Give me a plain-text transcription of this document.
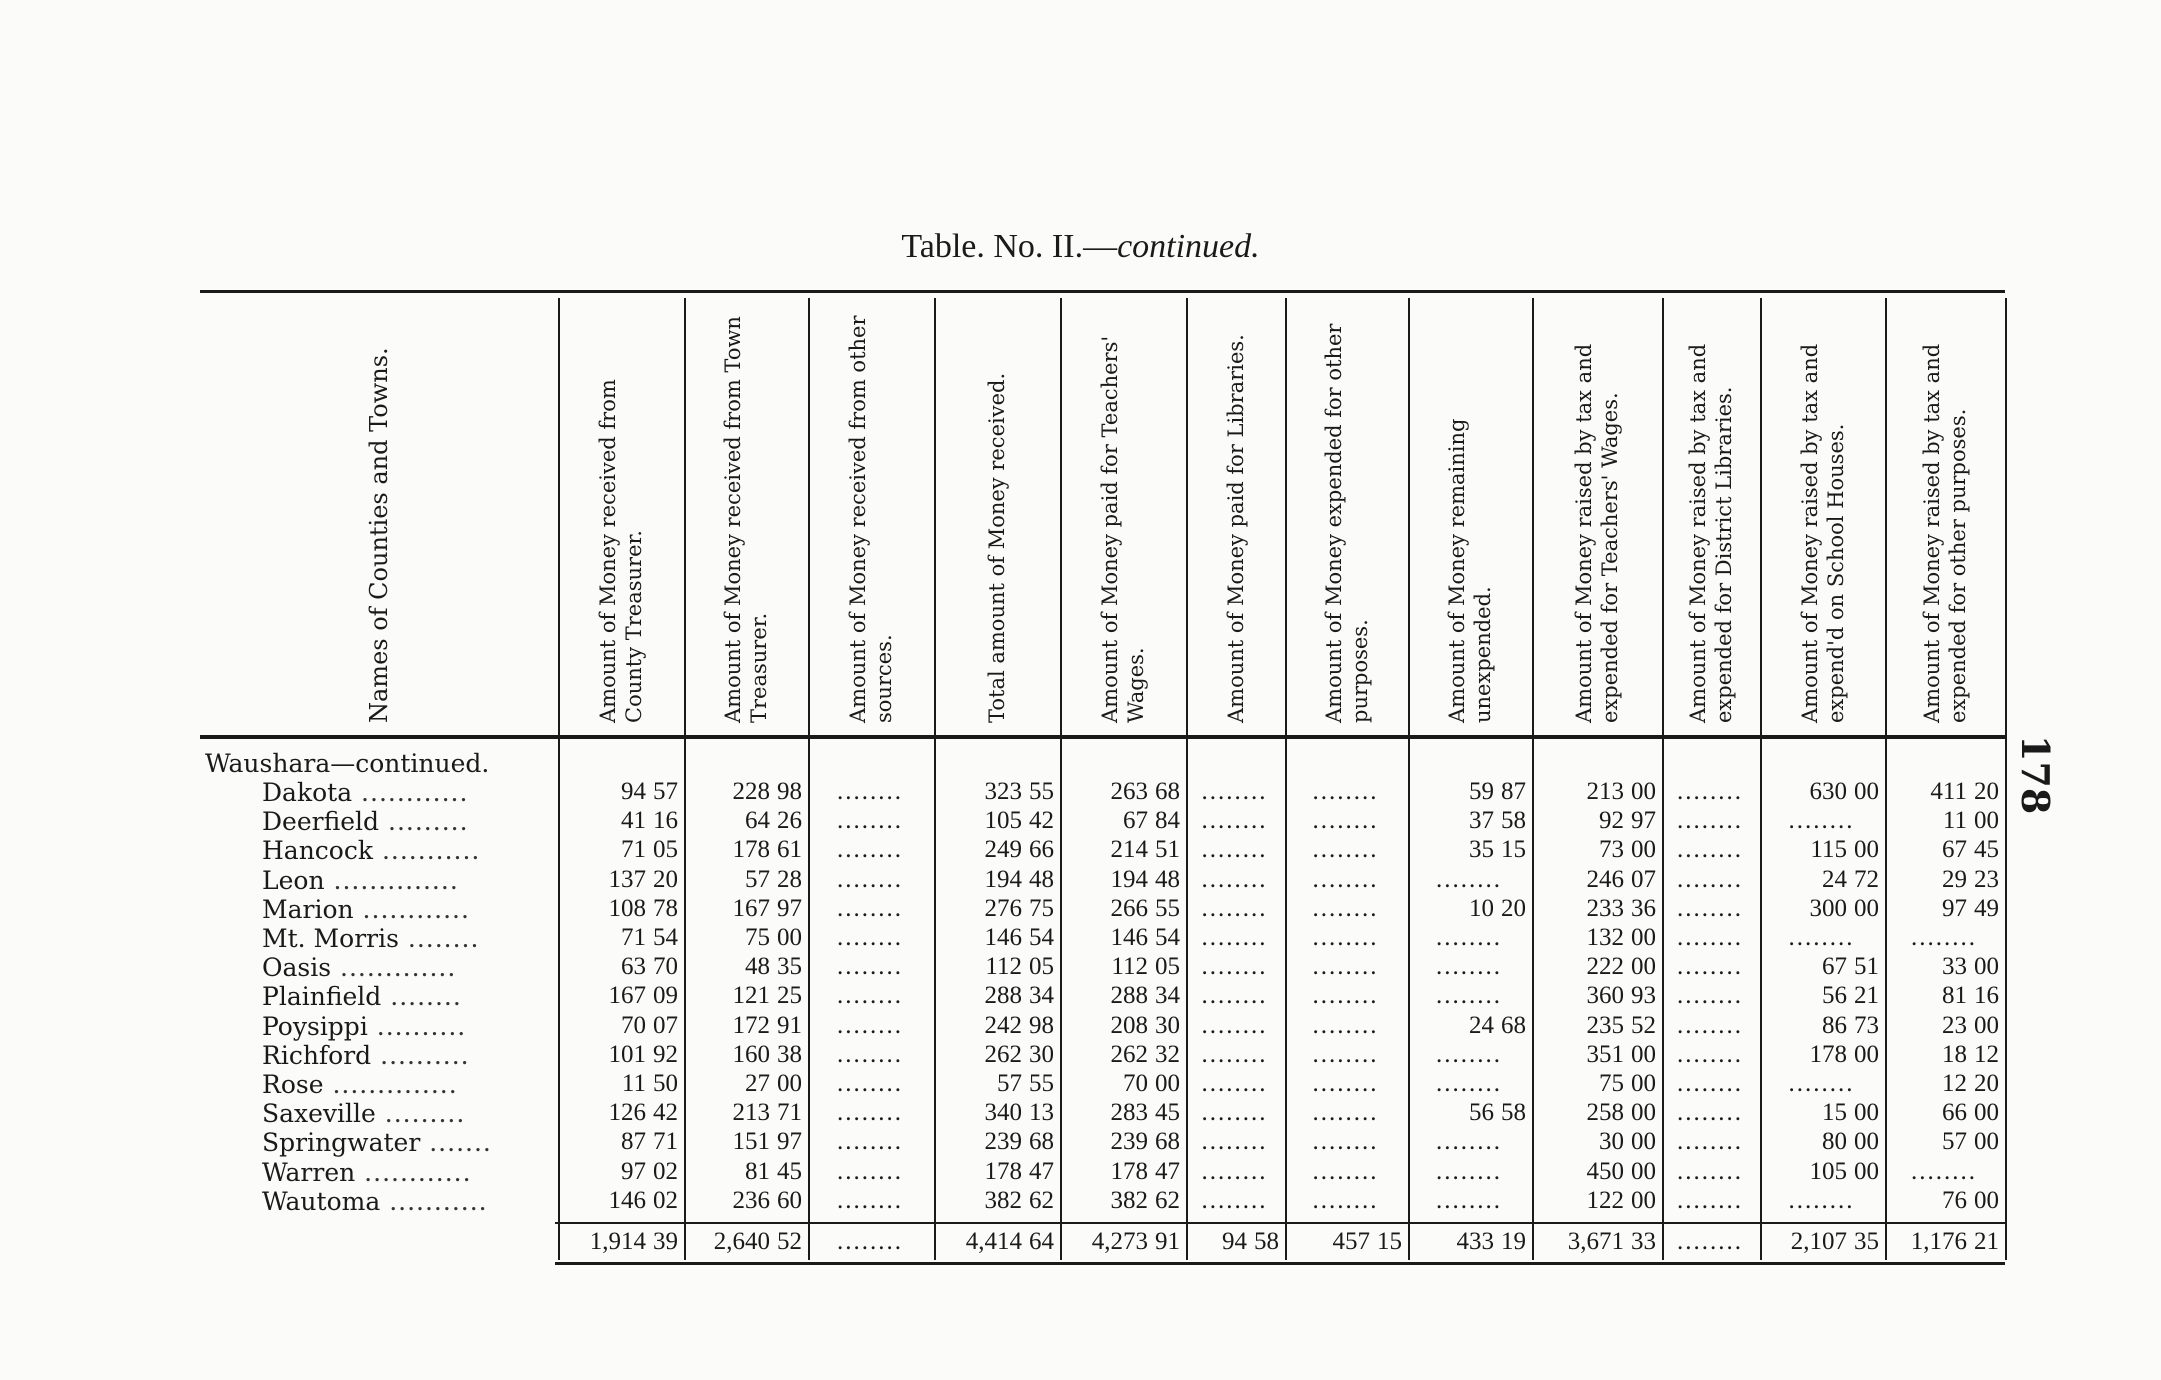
Table. No. II.—continued.
178
Names of Counties and Towns.	Amount of Money received from County Treasurer.	Amount of Money received from Town Treasurer.	Amount of Money received from other sources.	Total amount of Money received.	Amount of Money paid for Teachers' Wages.	Amount of Money paid for Libraries.	Amount of Money expended for other purposes.	Amount of Money remaining unexpended.	Amount of Money raised by tax and expended for Teachers' Wages.	Amount of Money raised by tax and expended for District Libraries.	Amount of Money raised by tax and expend'd on School Houses.	Amount of Money raised by tax and expended for other purposes.
Waushara—continued.
Dakota ............	94 57	228 98	........	323 55	263 68 ........	........	59 87	213 00 ........	630 00	411 20
Deerfield .........	41 16	64 26	........	105 42	67 84 ........	........	37 58	92 97 ........	........	11 00
Hancock ...........	71 05	178 61	........	249 66	214 51 ........	........	35 15	73 00 ........	115 00	67 45
Leon ..............	137 20	57 28	........	194 48	194 48 ........	........	........	246 07 ........	24 72	29 23
Marion ............	108 78	167 97	........	276 75	266 55 ........	........	10 20	233 36 ........	300 00	97 49
Mt. Morris ........	71 54	75 00	........	146 54	146 54 ........	........	........	132 00 ........	........	........
Oasis .............	63 70	48 35	........	112 05	112 05 ........	........	........	222 00 ........	67 51	33 00
Plainfield ........	167 09	121 25	........	288 34	288 34 ........	........	........	360 93 ........	56 21	81 16
Poysippi ..........	70 07	172 91	........	242 98	208 30 ........	........	24 68	235 52 ........	86 73	23 00
Richford ..........	101 92	160 38	........	262 30	262 32 ........	........	........	351 00 ........	178 00	18 12
Rose ..............	11 50	27 00	........	57 55	70 00 ........	........	........	75 00 ........	........	12 20
Saxeville .........	126 42	213 71	........	340 13	283 45 ........	........	56 58	258 00 ........	15 00	66 00
Springwater .......	87 71	151 97	........	239 68	239 68 ........	........	........	30 00 ........	80 00	57 00
Warren ............	97 02	81 45	........	178 47	178 47 ........	........	........	450 00 ........	105 00	........
Wautoma ...........	146 02	236 60	........	382 62	382 62 ........	........	........	122 00 ........	........	76 00
1,914 39	2,640 52	........	4,414 64	4,273 91	94 58	457 15	433 19	3,671 33 ........	2,107 35	1,176 21
